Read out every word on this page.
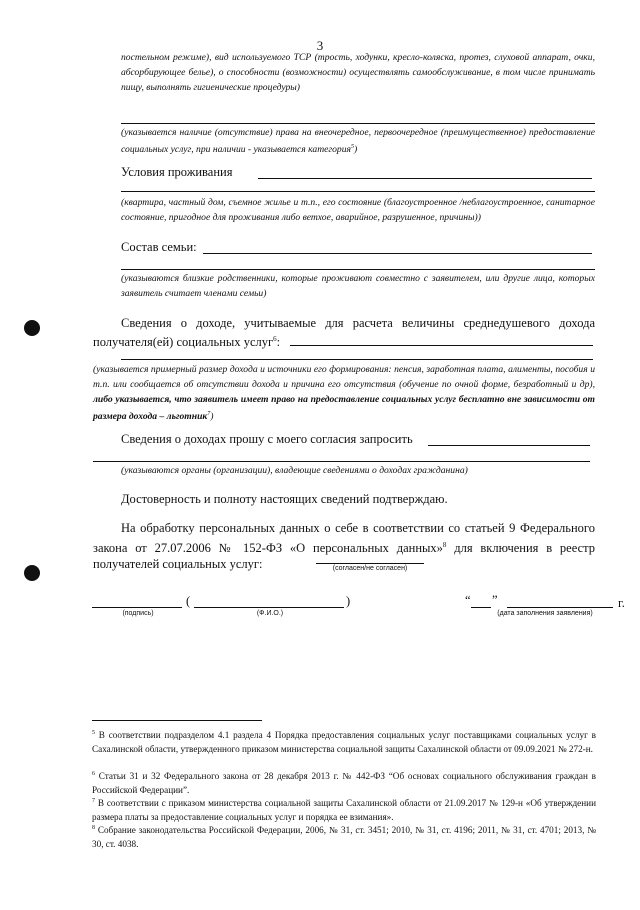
3
постельном режиме), вид используемого ТСР (трость, ходунки, кресло-коляска, протез, слуховой аппарат, очки, абсорбирующее белье), о способности (возможности) осуществлять самообслуживание, в том числе принимать пищу, выполнять гигиенические процедуры)
(указывается наличие (отсутствие) права на внеочередное, первоочередное (преимущественное) предоставление социальных услуг, при наличии - указывается категория$^5$)
Условия проживания
(квартира, частный дом, съемное жилье и т.п., его состояние (благоустроенное /неблагоустроенное, санитарное состояние, пригодное для проживания либо ветхое, аварийное, разрушенное, причины))
Состав семьи:
(указываются близкие родственники, которые проживают совместно с заявителем, или другие лица, которых заявитель считает членами семьи)
Сведения о доходе, учитываемые для расчета величины среднедушевого дохода
получателя(ей) социальных услуг$^6$:
(указывается примерный размер дохода и источники его формирования: пенсия, заработная плата, алименты, пособия и т.п. или сообщается об отсутствии дохода и причина его отсутствия (обучение по очной форме, безработный и др), либо указывается, что заявитель имеет право на предоставление социальных услуг бесплатно вне зависимости от размера дохода – льготник$^7$)
Сведения о доходах прошу с моего согласия запросить
(указываются органы (организации), владеющие сведениями о доходах гражданина)
Достоверность и полноту настоящих сведений подтверждаю.
На обработку персональных данных о себе в соответствии со статьей 9 Федерального закона от 27.07.2006 № 152-ФЗ «О персональных данных»$^8$ для включения в реестр получателей социальных услуг:	(согласен/не согласен)
(	)
(подпись)	(Ф.И.О.)
“ ”	г.
(дата заполнения заявления)
$^5$ В соответствии подразделом 4.1 раздела 4 Порядка предоставления социальных услуг поставщиками социальных услуг в Сахалинской области, утвержденного приказом министерства социальной защиты Сахалинской области от 09.09.2021 № 272-н.
$^6$ Статьи 31 и 32 Федерального закона от 28 декабря 2013 г. № 442-ФЗ “Об основах социального обслуживания граждан в Российской Федерации”.
$^7$ В соответствии с приказом министерства социальной защиты Сахалинской области от 21.09.2017 № 129-н «Об утверждении размера платы за предоставление социальных услуг и порядка ее взимания».
$^8$ Собрание законодательства Российской Федерации, 2006, № 31, ст. 3451; 2010, № 31, ст. 4196; 2011, № 31, ст. 4701; 2013, № 30, ст. 4038.
